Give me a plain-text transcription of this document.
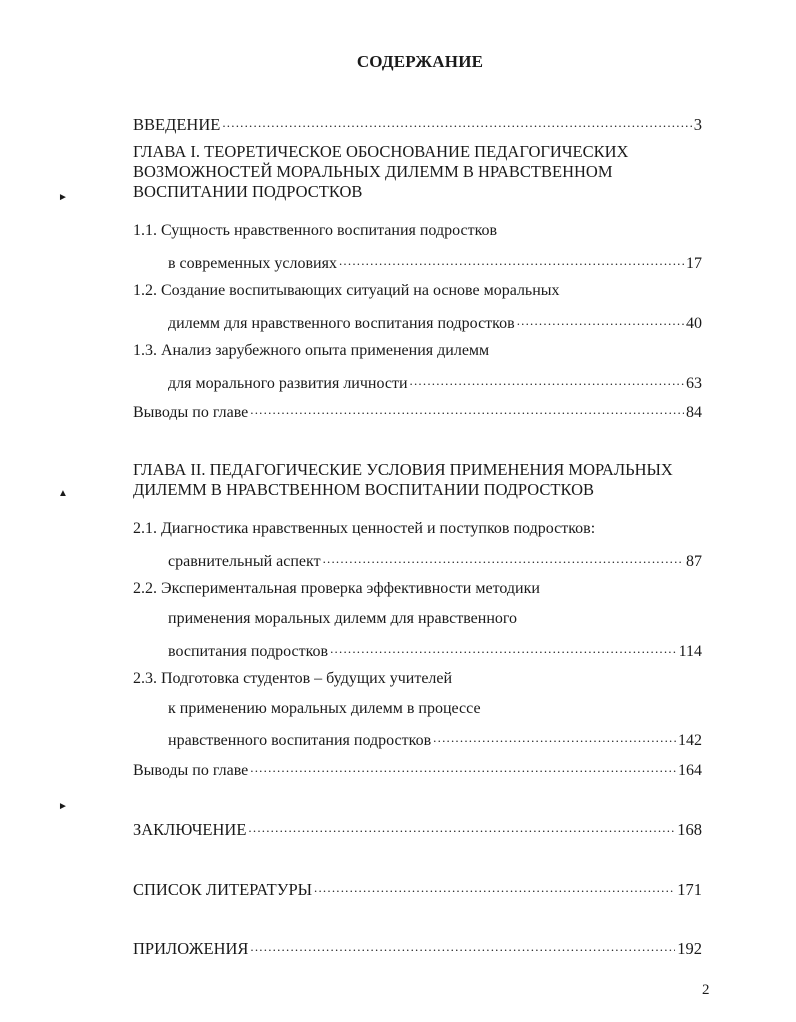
СОДЕРЖАНИЕ
ВВЕДЕНИЕ .....	3
ГЛАВА I. ТЕОРЕТИЧЕСКОЕ ОБОСНОВАНИЕ ПЕДАГОГИЧЕСКИХ
ВОЗМОЖНОСТЕЙ МОРАЛЬНЫХ ДИЛЕММ В НРАВСТВЕННОМ
ВОСПИТАНИИ ПОДРОСТКОВ
►
1.1. Сущность нравственного воспитания подростков
в современных условиях .....	17
1.2. Создание воспитывающих ситуаций на основе моральных
дилемм для нравственного воспитания подростков .....	40
1.3. Анализ зарубежного опыта применения дилемм
для морального развития личности .....	63
Выводы по главе .....	84
ГЛАВА II. ПЕДАГОГИЧЕСКИЕ УСЛОВИЯ ПРИМЕНЕНИЯ МОРАЛЬНЫХ
ДИЛЕММ В НРАВСТВЕННОМ ВОСПИТАНИИ ПОДРОСТКОВ
▲
2.1. Диагностика нравственных ценностей и поступков подростков:
сравнительный аспект .....	87
2.2. Экспериментальная проверка эффективности методики
применения моральных дилемм для нравственного
воспитания подростков .....	114
2.3. Подготовка студентов – будущих учителей
к применению моральных дилемм в процессе
нравственного воспитания подростков .....	142
Выводы по главе .....	164
►
ЗАКЛЮЧЕНИЕ .....	168
СПИСОК ЛИТЕРАТУРЫ .....	171
ПРИЛОЖЕНИЯ .....	192
2
